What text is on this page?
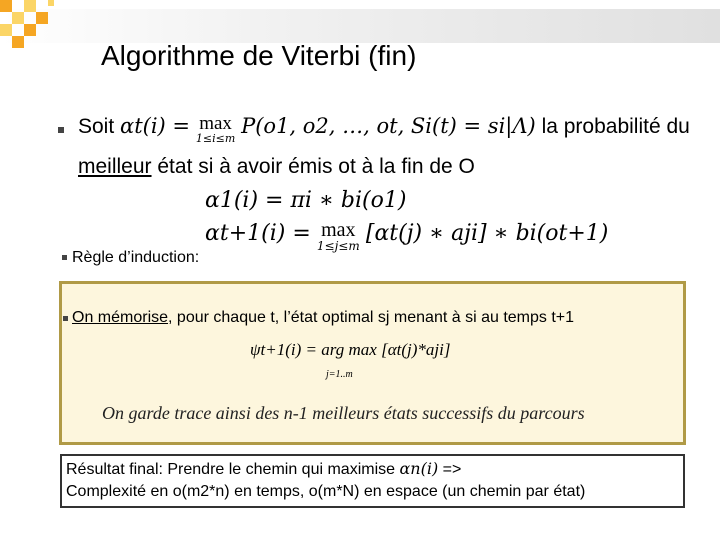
Algorithme de Viterbi (fin)
Soit αt(i) = max
1≤i≤m
P(o1, o2, …, ot, Si(t) = si|Λ) la probabilité du
meilleur état si à avoir émis ot à la fin de O
α1(i) = πi ∗ bi(o1)
αt+1(i) = max
1≤j≤m [αt(j) ∗ aji] ∗ bi(ot+1)
Règle d’induction:
On mémorise, pour chaque t, l’état optimal sj menant à si au temps t+1
ψt+1(i) = arg max [αt(j)*aji]
j=1..m
On garde trace ainsi des n-1 meilleurs états successifs du parcours
Résultat final: Prendre le chemin qui maximise αn(i) =>
Complexité en o(m2*n) en temps, o(m*N) en espace (un chemin par état)
